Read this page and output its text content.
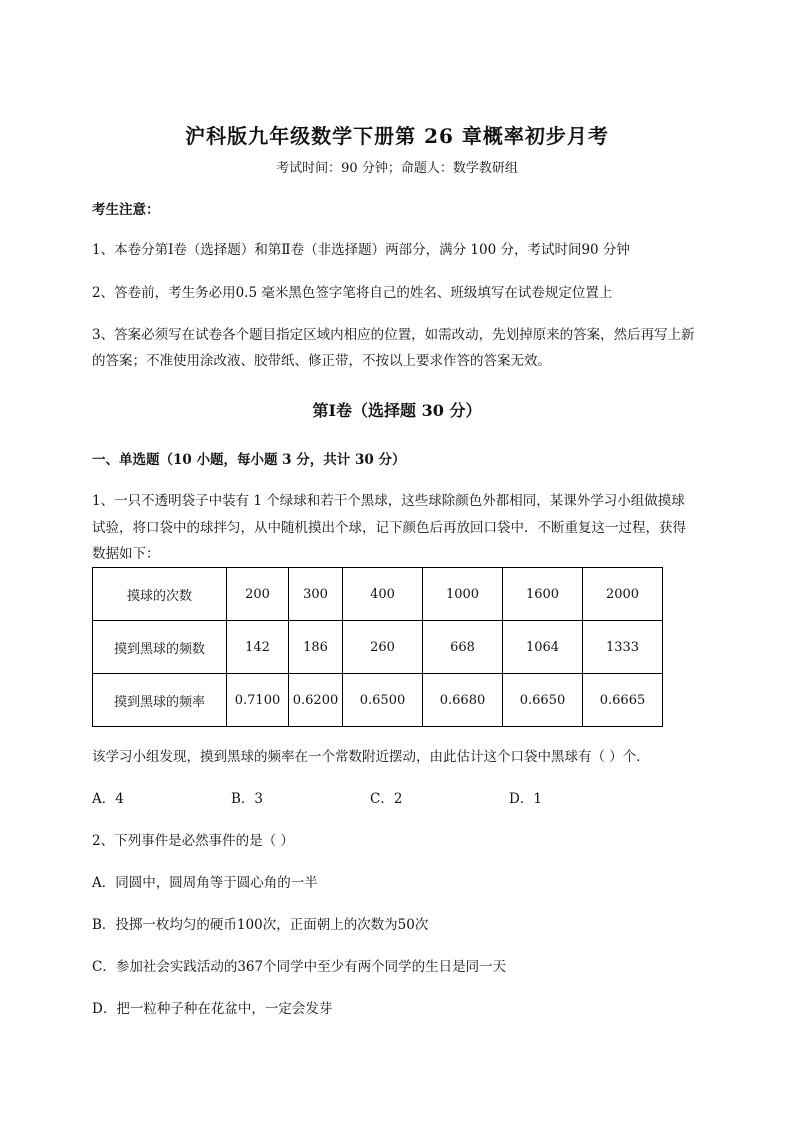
沪科版九年级数学下册第 26 章概率初步月考
考试时间：90 分钟；命题人：数学教研组
考生注意：
1、本卷分第Ⅰ卷（选择题）和第Ⅱ卷（非选择题）两部分，满分 100 分，考试时间90 分钟
2、答卷前，考生务必用0.5 毫米黑色签字笔将自己的姓名、班级填写在试卷规定位置上
3、答案必须写在试卷各个题目指定区域内相应的位置，如需改动，先划掉原来的答案，然后再写上新
的答案；不准使用涂改液、胶带纸、修正带，不按以上要求作答的答案无效。
第Ⅰ卷（选择题 30 分）
一、单选题（10 小题，每小题 3 分，共计 30 分）
1、一只不透明袋子中装有 1 个绿球和若干个黑球，这些球除颜色外都相同，某课外学习小组做摸球
试验，将口袋中的球拌匀，从中随机摸出个球，记下颜色后再放回口袋中．不断重复这一过程，获得
数据如下：
摸球的次数	200	300	400	1000	1600	2000
摸到黑球的频数	142	186	260	668	1064	1333
摸到黑球的频率	0.7100	0.6200	0.6500	0.6680	0.6650	0.6665
该学习小组发现，摸到黑球的频率在一个常数附近摆动，由此估计这个口袋中黑球有（ ）个．
A．4	B．3	C．2	D．1
2、下列事件是必然事件的是（ ）
A．同圆中，圆周角等于圆心角的一半
B．投掷一枚均匀的硬币100次，正面朝上的次数为50次
C．参加社会实践活动的367个同学中至少有两个同学的生日是同一天
D．把一粒种子种在花盆中，一定会发芽
